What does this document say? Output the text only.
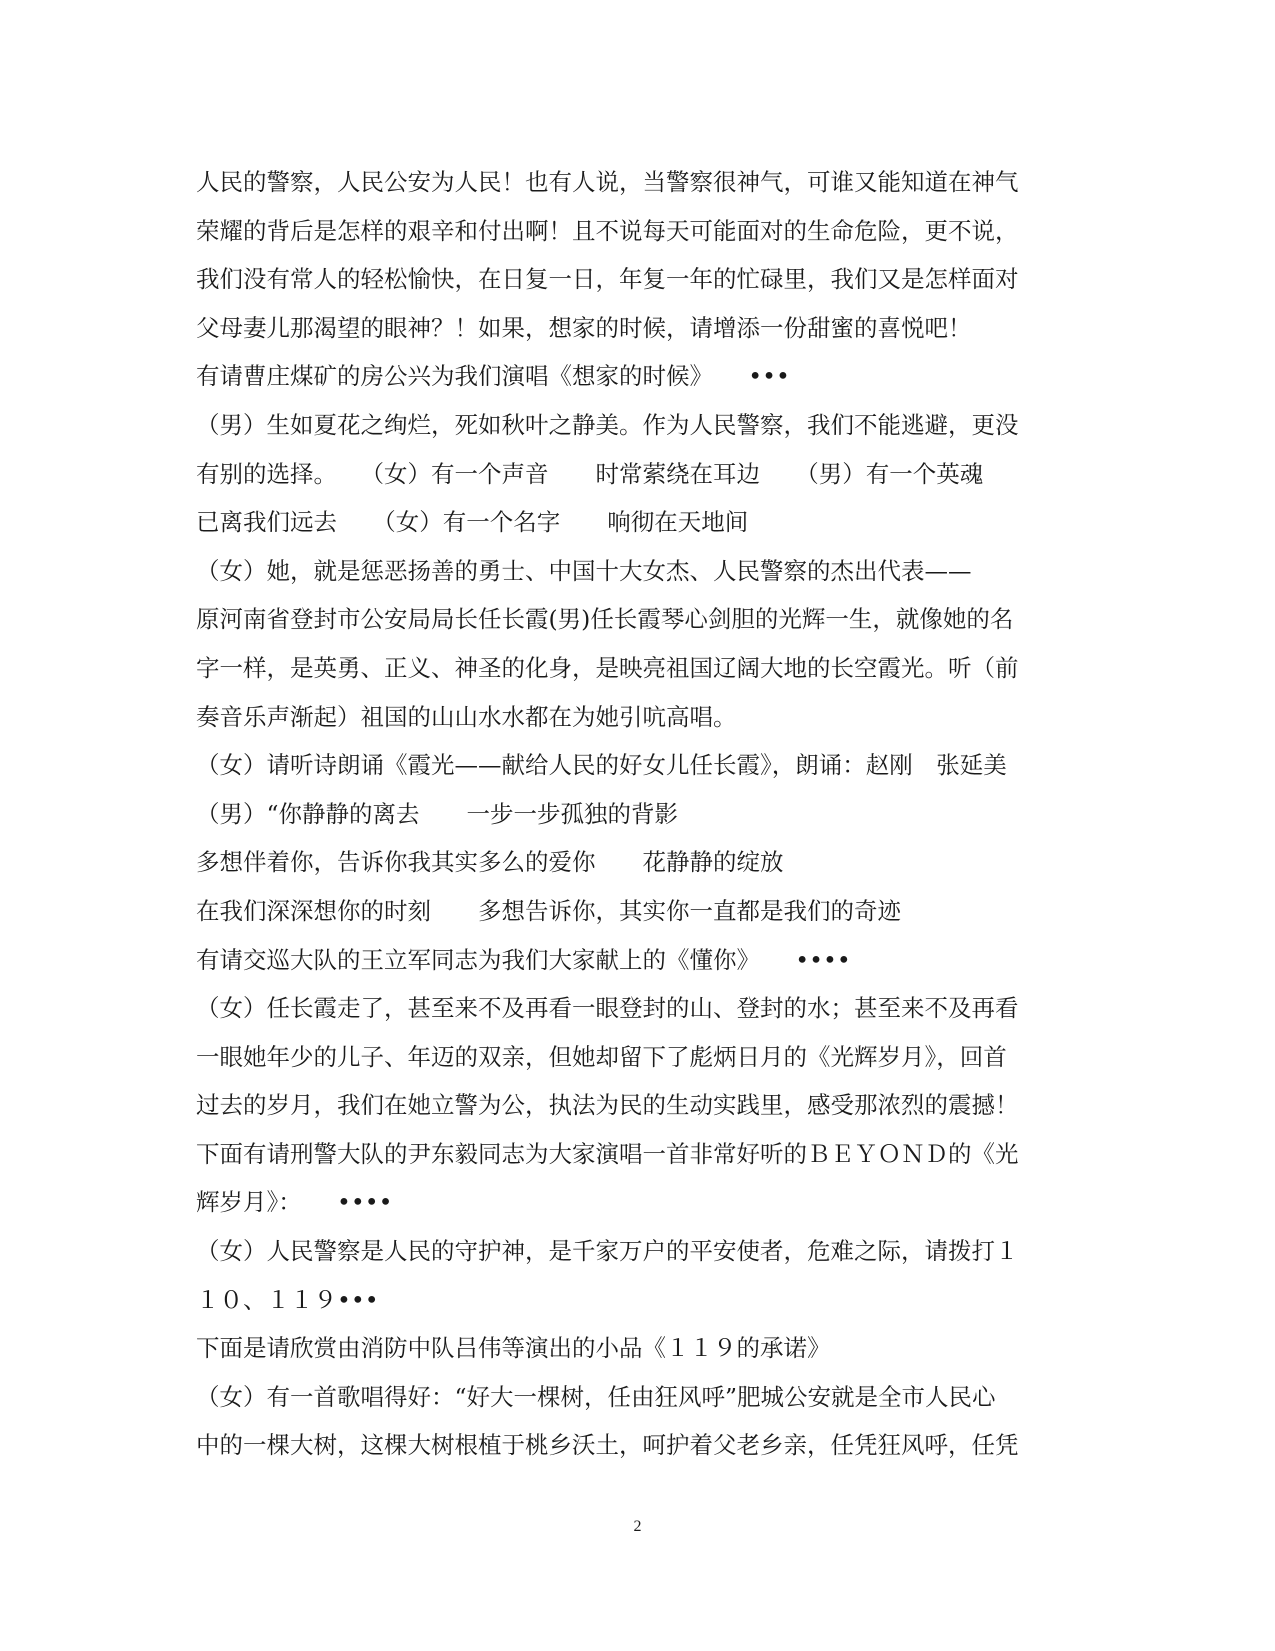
人民的警察，人民公安为人民！也有人说，当警察很神气，可谁又能知道在神气
荣耀的背后是怎样的艰辛和付出啊！且不说每天可能面对的生命危险，更不说，
我们没有常人的轻松愉快，在日复一日，年复一年的忙碌里，我们又是怎样面对
父母妻儿那渴望的眼神？！如果，想家的时候，请增添一份甜蜜的喜悦吧！
有请曹庄煤矿的房公兴为我们演唱《想家的时候》　　•••
（男）生如夏花之绚烂，死如秋叶之静美。作为人民警察，我们不能逃避，更没
有别的选择。　　（女）有一个声音　　时常萦绕在耳边　　（男）有一个英魂
已离我们远去　　（女）有一个名字　　响彻在天地间
（女）她，就是惩恶扬善的勇士、中国十大女杰、人民警察的杰出代表——
原河南省登封市公安局局长任长霞(男)任长霞琴心剑胆的光辉一生，就像她的名
字一样，是英勇、正义、神圣的化身，是映亮祖国辽阔大地的长空霞光。听（前
奏音乐声渐起）祖国的山山水水都在为她引吭高唱。
（女）请听诗朗诵《霞光——献给人民的好女儿任长霞》，朗诵：赵刚　张延美
（男）“你静静的离去　　一步一步孤独的背影
多想伴着你，告诉你我其实多么的爱你　　花静静的绽放
在我们深深想你的时刻　　多想告诉你，其实你一直都是我们的奇迹
有请交巡大队的王立军同志为我们大家献上的《懂你》　　••••
（女）任长霞走了，甚至来不及再看一眼登封的山、登封的水；甚至来不及再看
一眼她年少的儿子、年迈的双亲，但她却留下了彪炳日月的《光辉岁月》，回首
过去的岁月，我们在她立警为公，执法为民的生动实践里，感受那浓烈的震撼！
下面有请刑警大队的尹东毅同志为大家演唱一首非常好听的ＢＥＹＯＮＤ的《光
辉岁月》：　　••••
（女）人民警察是人民的守护神，是千家万户的平安使者，危难之际，请拨打１
１０、１１９•••
下面是请欣赏由消防中队吕伟等演出的小品《１１９的承诺》
（女）有一首歌唱得好：“好大一棵树，任由狂风呼”肥城公安就是全市人民心
中的一棵大树，这棵大树根植于桃乡沃土，呵护着父老乡亲，任凭狂风呼，任凭
2
